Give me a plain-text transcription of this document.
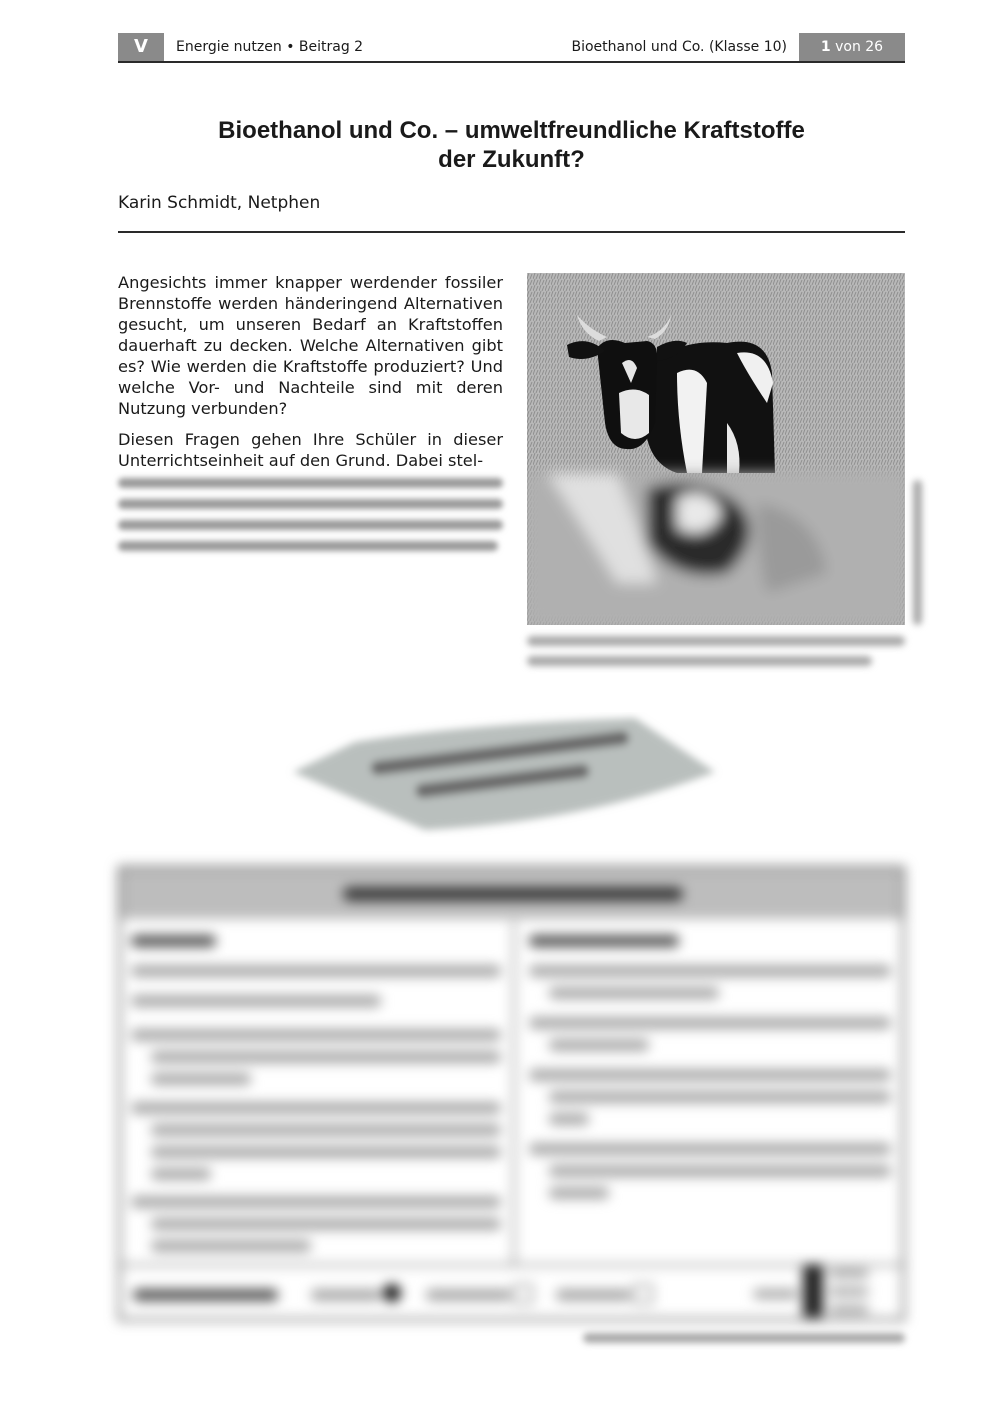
V	Energie nutzen • Beitrag 2	Bioethanol und Co. (Klasse 10)	1 von 26
Bioethanol und Co. – umweltfreundliche Kraftstoffe
der Zukunft?
Karin Schmidt, Netphen
Angesichts immer knapper werdender fossiler Brennstoffe werden händeringend Alternativen gesucht, um unseren Bedarf an Kraftstoffen dauerhaft zu decken. Welche Alternativen gibt es? Wie werden die Kraftstoffe produziert? Und welche Vor- und Nachteile sind mit deren Nutzung verbunden?
Diesen Fragen gehen Ihre Schüler in dieser Unterrichtseinheit auf den Grund. Dabei stel-
